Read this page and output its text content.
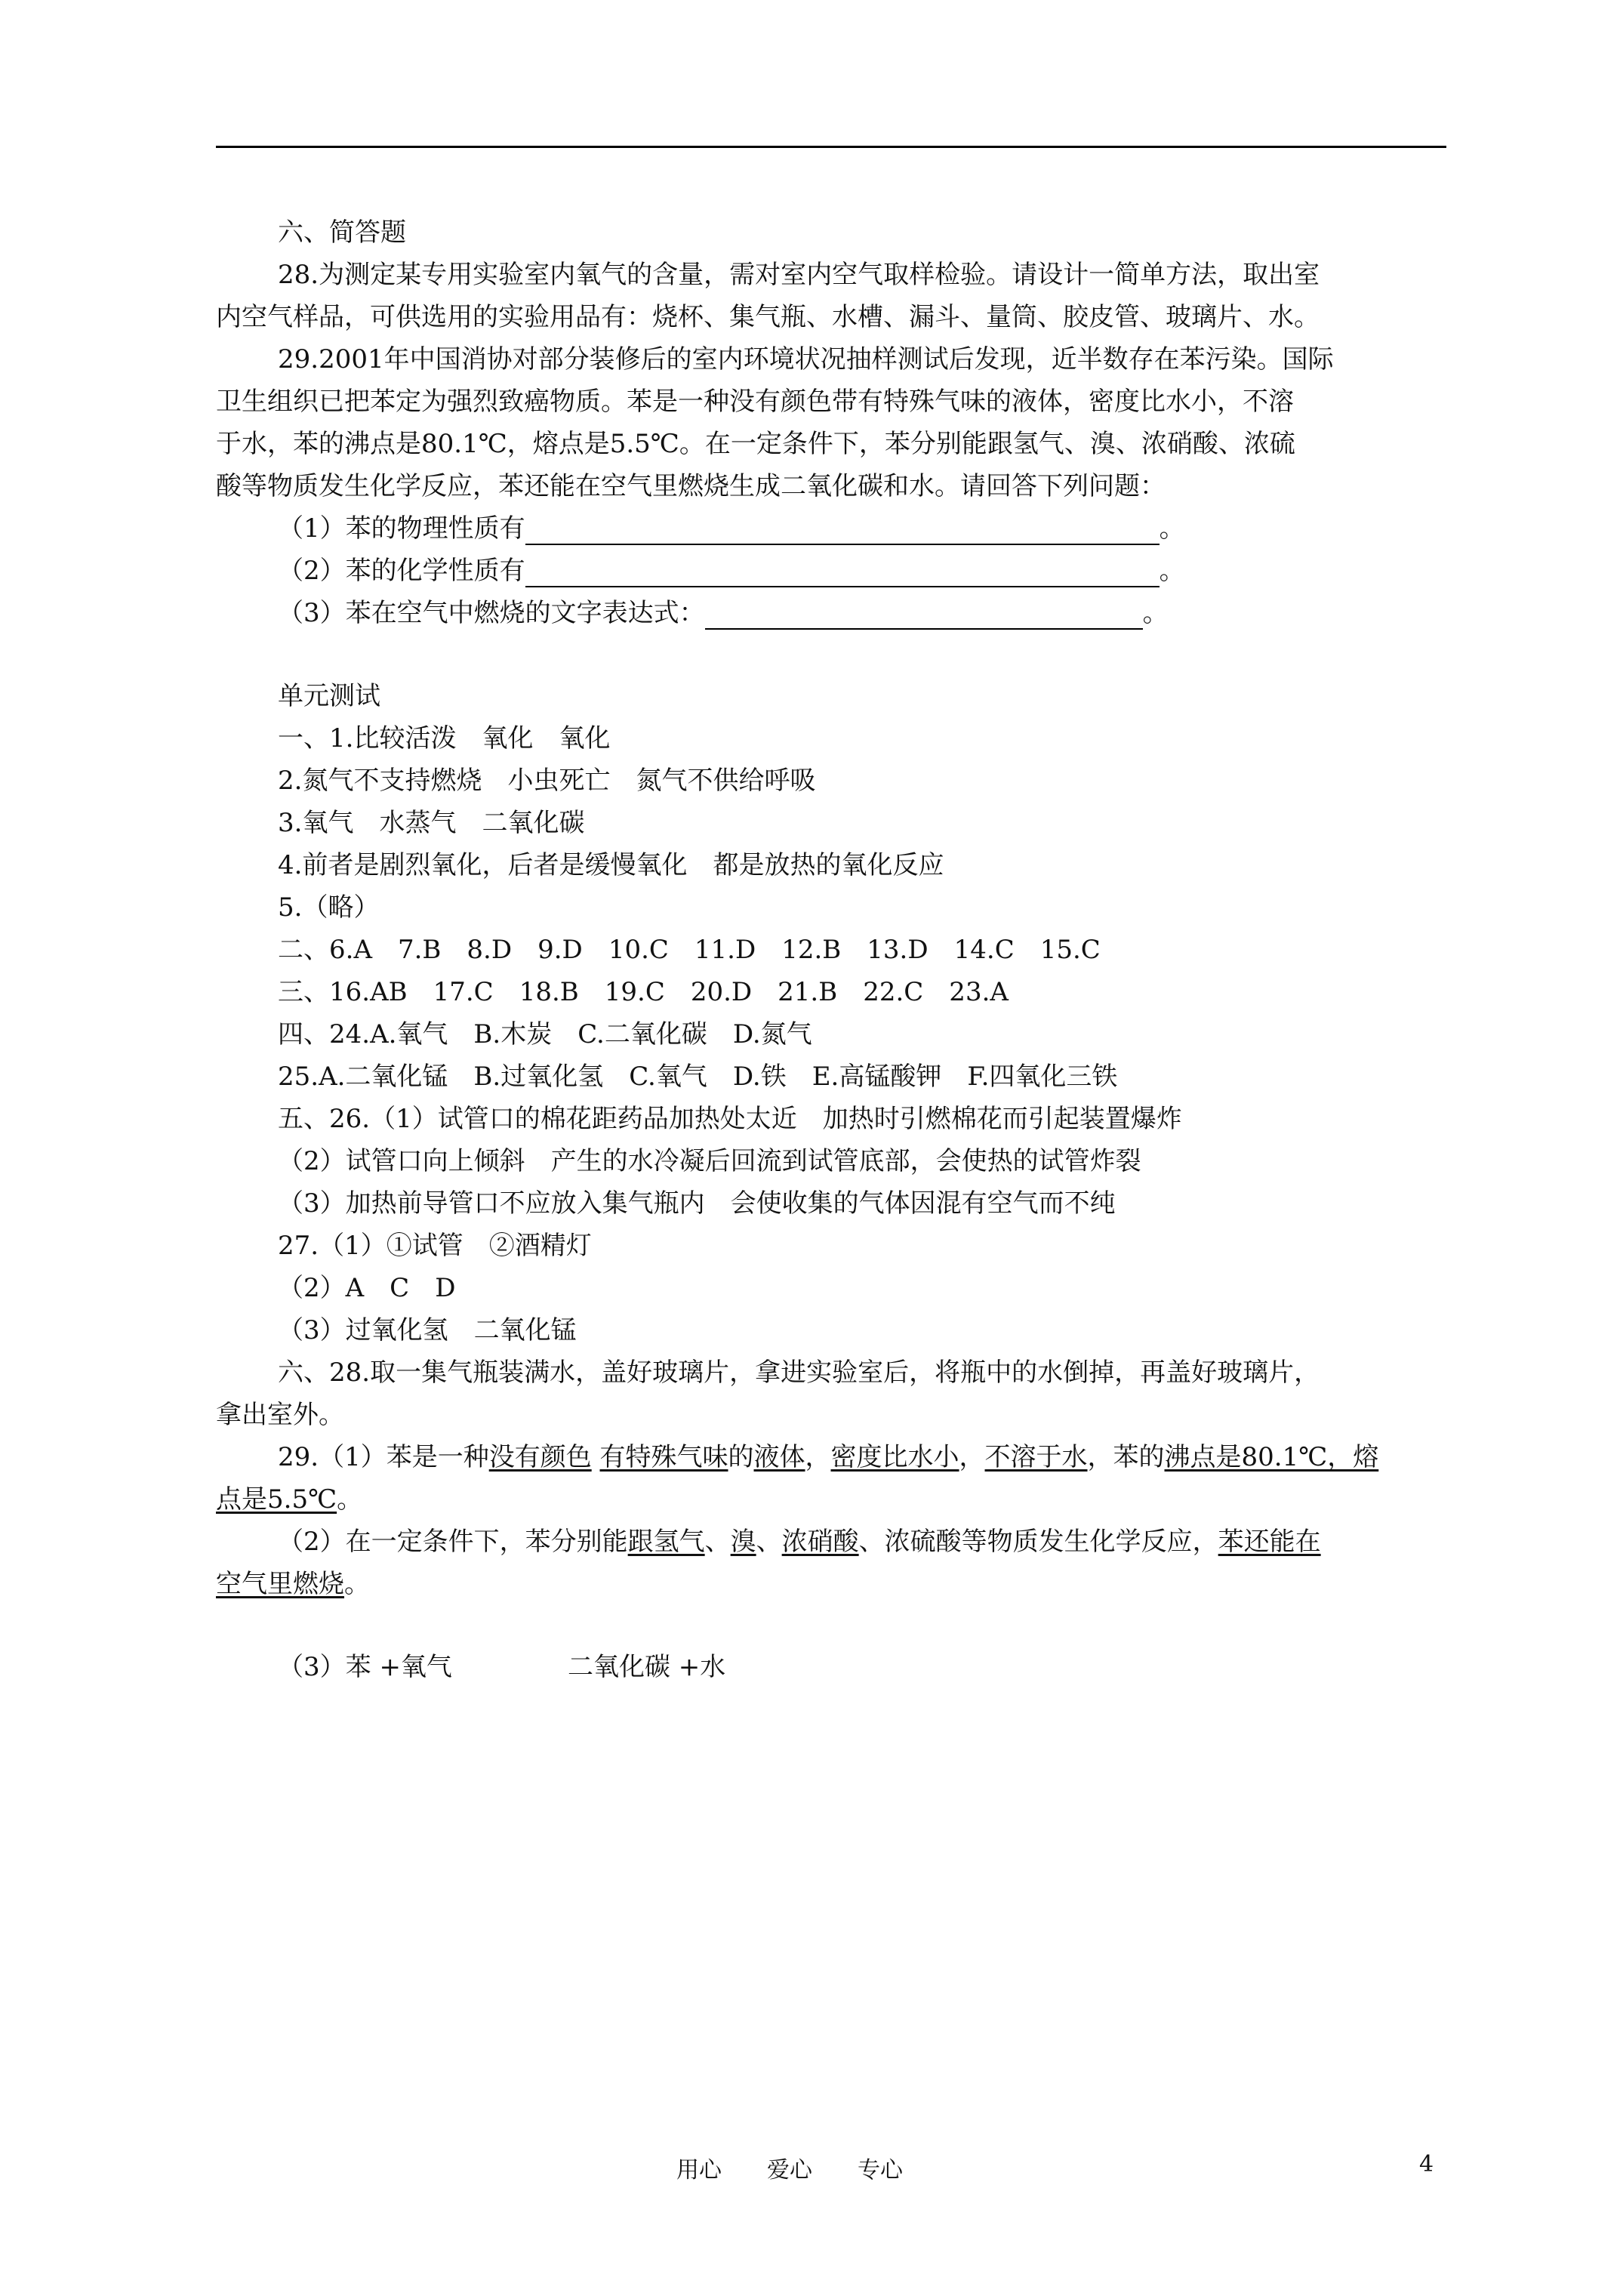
六、简答题
28.为测定某专用实验室内氧气的含量，需对室内空气取样检验。请设计一简单方法，取出室
内空气样品，可供选用的实验用品有：烧杯、集气瓶、水槽、漏斗、量筒、胶皮管、玻璃片、水。
29.2001年中国消协对部分装修后的室内环境状况抽样测试后发现，近半数存在苯污染。国际
卫生组织已把苯定为强烈致癌物质。苯是一种没有颜色带有特殊气味的液体，密度比水小，不溶
于水，苯的沸点是80.1℃，熔点是5.5℃。在一定条件下，苯分别能跟氢气、溴、浓硝酸、浓硫
酸等物质发生化学反应，苯还能在空气里燃烧生成二氧化碳和水。请回答下列问题：
（1）苯的物理性质有	。
（2）苯的化学性质有	。
（3）苯在空气中燃烧的文字表达式：	。
单元测试
一、1.比较活泼　氧化　氧化
2.氮气不支持燃烧　小虫死亡　氮气不供给呼吸
3.氧气　水蒸气　二氧化碳
4.前者是剧烈氧化，后者是缓慢氧化　都是放热的氧化反应
5.（略）
二、6.A　7.B　8.D　9.D　10.C　11.D　12.B　13.D　14.C　15.C
三、16.AB　17.C　18.B　19.C　20.D　21.B　22.C　23.A
四、24.A.氧气　B.木炭　C.二氧化碳　D.氮气
25.A.二氧化锰　B.过氧化氢　C.氧气　D.铁　E.高锰酸钾　F.四氧化三铁
五、26.（1）试管口的棉花距药品加热处太近　加热时引燃棉花而引起装置爆炸
（2）试管口向上倾斜　产生的水冷凝后回流到试管底部，会使热的试管炸裂
（3）加热前导管口不应放入集气瓶内　会使收集的气体因混有空气而不纯
27.（1）①试管　②酒精灯
（2）A　C　D
（3）过氧化氢　二氧化锰
六、28.取一集气瓶装满水，盖好玻璃片，拿进实验室后，将瓶中的水倒掉，再盖好玻璃片，
拿出室外。
29.（1）苯是一种没有颜色 有特殊气味的液体，密度比水小，不溶于水，苯的沸点是80.1℃，熔
点是5.5℃。
（2）在一定条件下，苯分别能跟氢气、溴、浓硝酸、浓硫酸等物质发生化学反应，苯还能在
空气里燃烧。
（3）苯 +氧气	二氧化碳 +水
用心　　爱心　　专心	4
